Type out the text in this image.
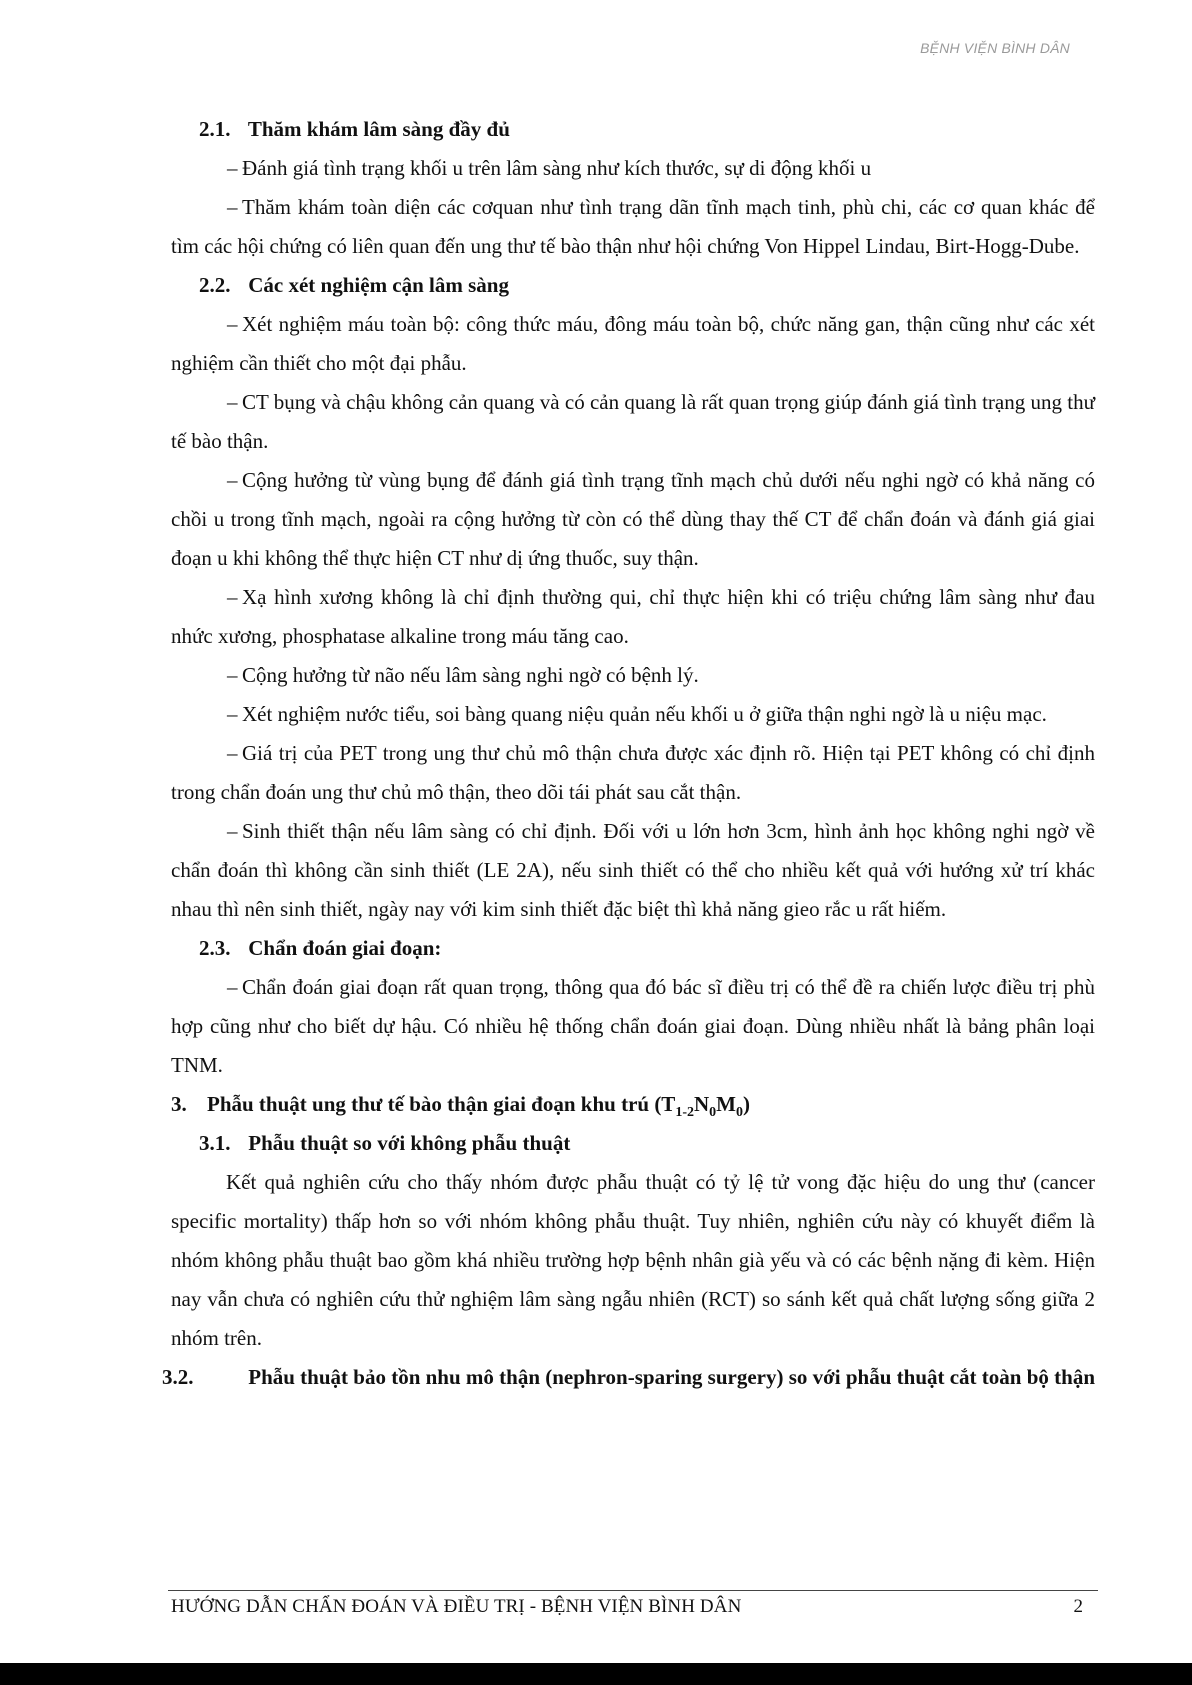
BỆNH VIỆN BÌNH DÂN

2.1. Thăm khám lâm sàng đầy đủ

– Đánh giá tình trạng khối u trên lâm sàng như kích thước, sự di động khối u

– Thăm khám toàn diện các cơquan như tình trạng dãn tĩnh mạch tinh, phù chi, các cơ quan khác để tìm các hội chứng có liên quan đến ung thư tế bào thận như hội chứng Von Hippel Lindau, Birt-Hogg-Dube.

2.2. Các xét nghiệm cận lâm sàng

– Xét nghiệm máu toàn bộ: công thức máu, đông máu toàn bộ, chức năng gan, thận cũng như các xét nghiệm cần thiết cho một đại phẫu.

– CT bụng và chậu không cản quang và có cản quang là rất quan trọng giúp đánh giá tình trạng ung thư tế bào thận.

– Cộng hưởng từ vùng bụng để đánh giá tình trạng tĩnh mạch chủ dưới nếu nghi ngờ có khả năng có chồi u trong tĩnh mạch, ngoài ra cộng hưởng từ còn có thể dùng thay thế CT để chẩn đoán và đánh giá giai đoạn u khi không thể thực hiện CT như dị ứng thuốc, suy thận.

– Xạ hình xương không là chỉ định thường qui, chỉ thực hiện khi có triệu chứng lâm sàng như đau nhức xương, phosphatase alkaline trong máu tăng cao.

– Cộng hưởng từ não nếu lâm sàng nghi ngờ có bệnh lý.

– Xét nghiệm nước tiểu, soi bàng quang niệu quản nếu khối u ở giữa thận nghi ngờ là u niệu mạc.

– Giá trị của PET trong ung thư chủ mô thận chưa được xác định rõ. Hiện tại PET không có chỉ định trong chẩn đoán ung thư chủ mô thận, theo dõi tái phát sau cắt thận.

– Sinh thiết thận nếu lâm sàng có chỉ định. Đối với u lớn hơn 3cm, hình ảnh học không nghi ngờ về chẩn đoán thì không cần sinh thiết (LE 2A), nếu sinh thiết có thể cho nhiều kết quả với hướng xử trí khác nhau thì nên sinh thiết, ngày nay với kim sinh thiết đặc biệt thì khả năng gieo rắc u rất hiếm.

2.3. Chẩn đoán giai đoạn:

– Chẩn đoán giai đoạn rất quan trọng, thông qua đó bác sĩ điều trị có thể đề ra chiến lược điều trị phù hợp cũng như cho biết dự hậu. Có nhiều hệ thống chẩn đoán giai đoạn. Dùng nhiều nhất là bảng phân loại TNM.

3. Phẫu thuật ung thư tế bào thận giai đoạn khu trú $(T_{1-2}N_0M_0)$

3.1. Phẫu thuật so với không phẫu thuật

Kết quả nghiên cứu cho thấy nhóm được phẫu thuật có tỷ lệ tử vong đặc hiệu do ung thư (cancer specific mortality) thấp hơn so với nhóm không phẫu thuật. Tuy nhiên, nghiên cứu này có khuyết điểm là nhóm không phẫu thuật bao gồm khá nhiều trường hợp bệnh nhân già yếu và có các bệnh nặng đi kèm. Hiện nay vẫn chưa có nghiên cứu thử nghiệm lâm sàng ngẫu nhiên (RCT) so sánh kết quả chất lượng sống giữa 2 nhóm trên.

3.2.	Phẫu thuật bảo tồn nhu mô thận (nephron-sparing surgery) so với phẫu thuật cắt toàn bộ thận

HƯỚNG DẪN CHẨN ĐOÁN VÀ ĐIỀU TRỊ - BỆNH VIỆN BÌNH DÂN	2
